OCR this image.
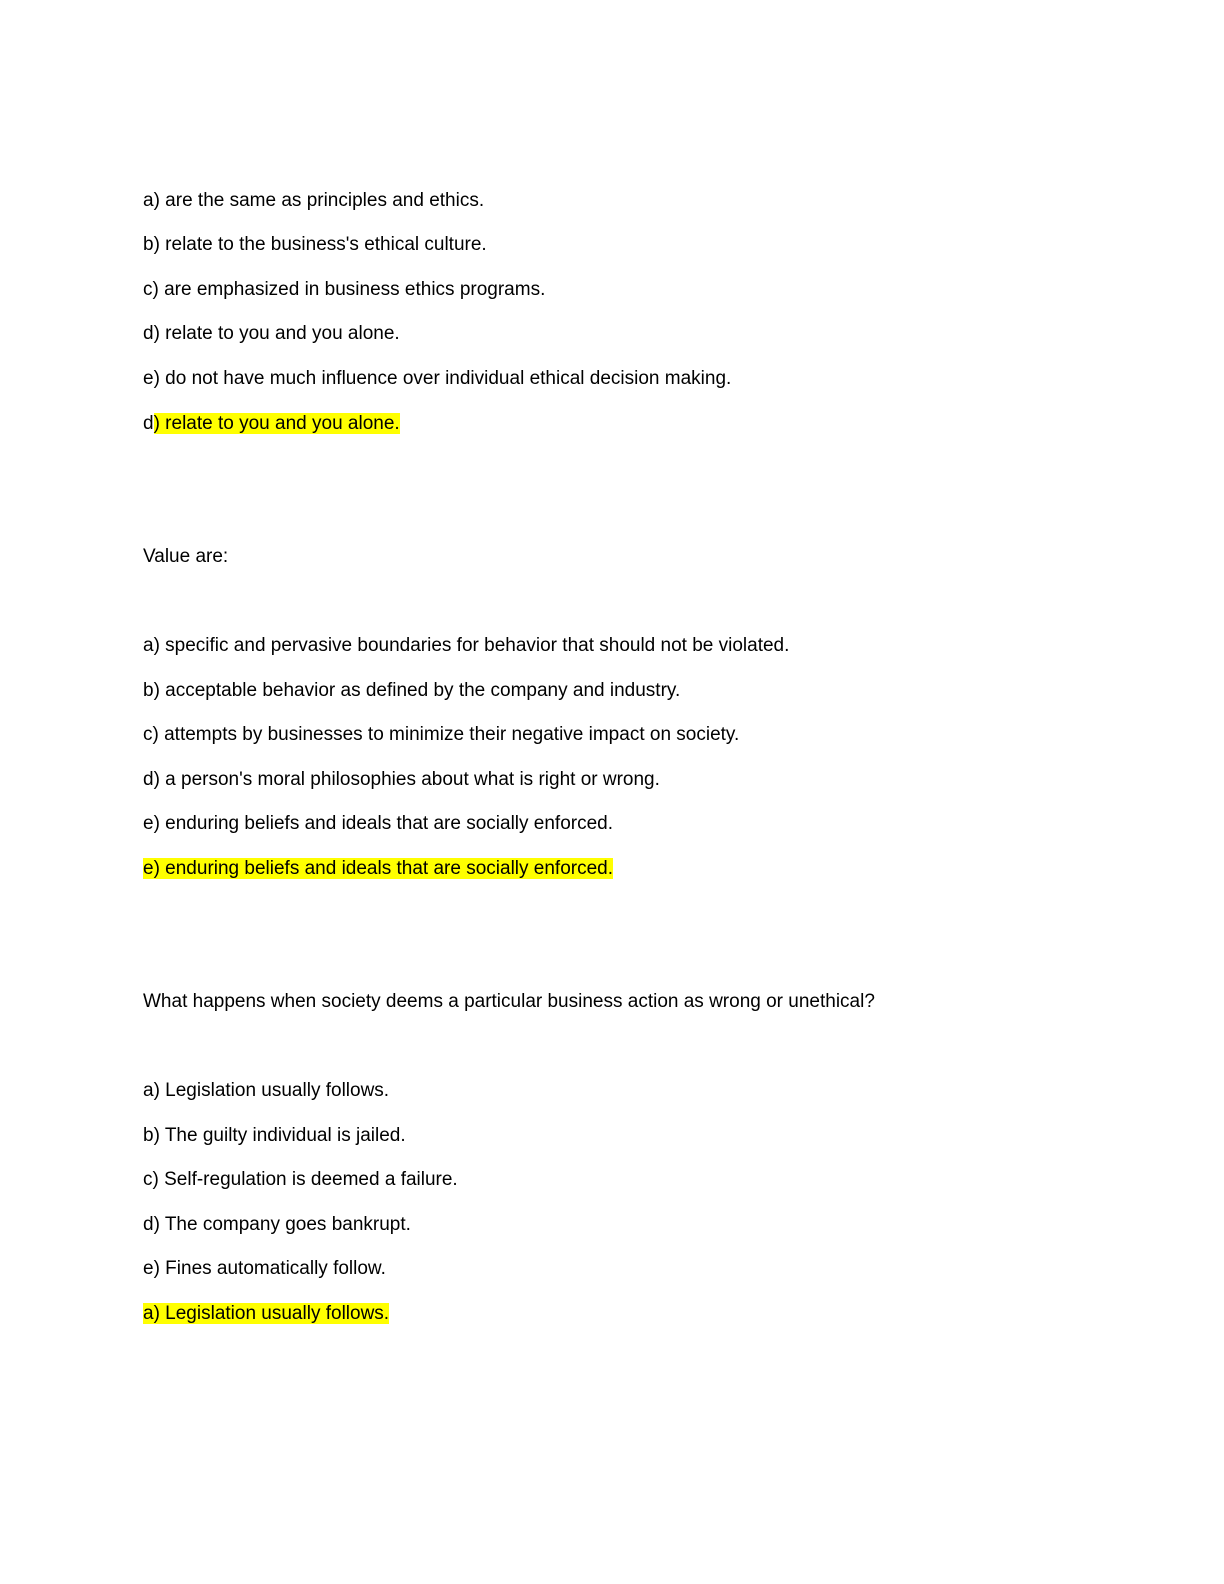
a) are the same as principles and ethics.
b) relate to the business's ethical culture.
c) are emphasized in business ethics programs.
d) relate to you and you alone.
e) do not have much influence over individual ethical decision making.
d) relate to you and you alone.
Value are:
a) specific and pervasive boundaries for behavior that should not be violated.
b) acceptable behavior as defined by the company and industry.
c) attempts by businesses to minimize their negative impact on society.
d) a person's moral philosophies about what is right or wrong.
e) enduring beliefs and ideals that are socially enforced.
e) enduring beliefs and ideals that are socially enforced.
What happens when society deems a particular business action as wrong or unethical?
a) Legislation usually follows.
b) The guilty individual is jailed.
c) Self-regulation is deemed a failure.
d) The company goes bankrupt.
e) Fines automatically follow.
a) Legislation usually follows.
